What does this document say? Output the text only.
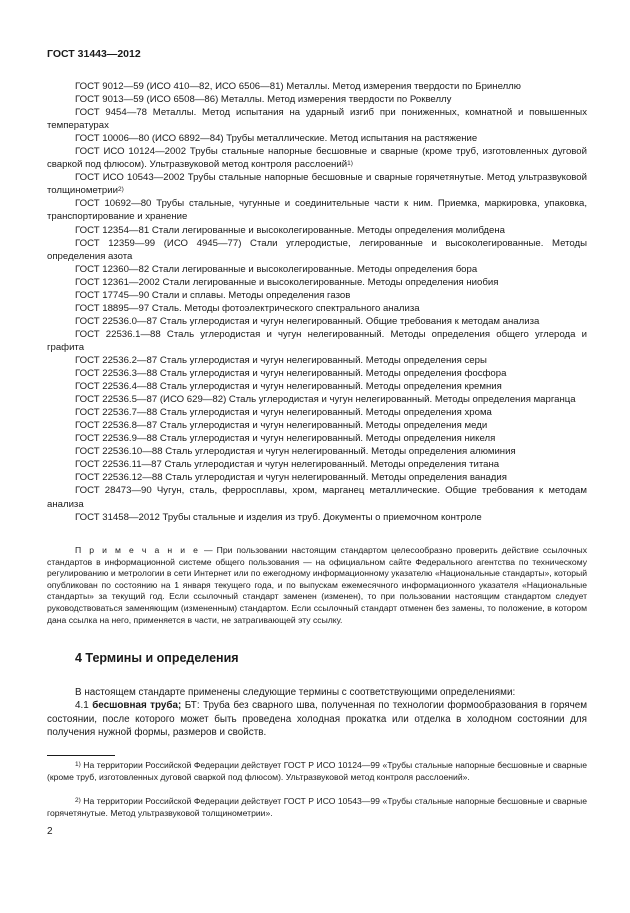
ГОСТ 31443—2012

ГОСТ 9012—59 (ИСО 410—82, ИСО 6506—81) Металлы. Метод измерения твердости по Бринеллю

ГОСТ 9013—59 (ИСО 6508—86) Металлы. Метод измерения твердости по Роквеллу

ГОСТ 9454—78 Металлы. Метод испытания на ударный изгиб при пониженных, комнатной и повышенных температурах

ГОСТ 10006—80 (ИСО 6892—84) Трубы металлические. Метод испытания на растяжение

ГОСТ ИСО 10124—2002 Трубы стальные напорные бесшовные и сварные (кроме труб, изготовленных дуговой сваркой под флюсом). Ультразвуковой метод контроля расслоений$^{1)}$

ГОСТ ИСО 10543—2002 Трубы стальные напорные бесшовные и сварные горячетянутые. Метод ультразвуковой толщинометрии$^{2)}$

ГОСТ 10692—80 Трубы стальные, чугунные и соединительные части к ним. Приемка, маркировка, упаковка, транспортирование и хранение

ГОСТ 12354—81 Стали легированные и высоколегированные. Методы определения молибдена

ГОСТ 12359—99 (ИСО 4945—77) Стали углеродистые, легированные и высоколегированные. Методы определения азота

ГОСТ 12360—82 Стали легированные и высоколегированные. Методы определения бора

ГОСТ 12361—2002 Стали легированные и высоколегированные. Методы определения ниобия

ГОСТ 17745—90 Стали и сплавы. Методы определения газов

ГОСТ 18895—97 Сталь. Методы фотоэлектрического спектрального анализа

ГОСТ 22536.0—87 Сталь углеродистая и чугун нелегированный. Общие требования к методам анализа

ГОСТ 22536.1—88 Сталь углеродистая и чугун нелегированный. Методы определения общего углерода и графита

ГОСТ 22536.2—87 Сталь углеродистая и чугун нелегированный. Методы определения серы

ГОСТ 22536.3—88 Сталь углеродистая и чугун нелегированный. Методы определения фосфора

ГОСТ 22536.4—88 Сталь углеродистая и чугун нелегированный. Методы определения кремния

ГОСТ 22536.5—87 (ИСО 629—82) Сталь углеродистая и чугун нелегированный. Методы определения марганца

ГОСТ 22536.7—88 Сталь углеродистая и чугун нелегированный. Методы определения хрома

ГОСТ 22536.8—87 Сталь углеродистая и чугун нелегированный. Методы определения меди

ГОСТ 22536.9—88 Сталь углеродистая и чугун нелегированный. Методы определения никеля

ГОСТ 22536.10—88 Сталь углеродистая и чугун нелегированный. Методы определения алюминия

ГОСТ 22536.11—87 Сталь углеродистая и чугун нелегированный. Методы определения титана

ГОСТ 22536.12—88 Сталь углеродистая и чугун нелегированный. Методы определения ванадия

ГОСТ 28473—90 Чугун, сталь, ферросплавы, хром, марганец металлические. Общие требования к методам анализа

ГОСТ 31458—2012 Трубы стальные и изделия из труб. Документы о приемочном контроле

П р и м е ч а н и е — При пользовании настоящим стандартом целесообразно проверить действие ссылочных стандартов в информационной системе общего пользования — на официальном сайте Федерального агентства по техническому регулированию и метрологии в сети Интернет или по ежегодному информационному указателю «Национальные стандарты», который опубликован по состоянию на 1 января текущего года, и по выпускам ежемесячного информационного указателя «Национальные стандарты» за текущий год. Если ссылочный стандарт заменен (изменен), то при пользовании настоящим стандартом следует руководствоваться заменяющим (измененным) стандартом. Если ссылочный стандарт отменен без замены, то положение, в котором дана ссылка на него, применяется в части, не затрагивающей эту ссылку.

4 Термины и определения

В настоящем стандарте применены следующие термины с соответствующими определениями:

4.1 бесшовная труба; БТ: Труба без сварного шва, полученная по технологии формообразования в горячем состоянии, после которого может быть проведена холодная прокатка или отделка в холодном состоянии для получения нужной формы, размеров и свойств.

$^{1)}$ На территории Российской Федерации действует ГОСТ Р ИСО 10124—99 «Трубы стальные напорные бесшовные и сварные (кроме труб, изготовленных дуговой сваркой под флюсом). Ультразвуковой метод контроля расслоений».

$^{2)}$ На территории Российской Федерации действует ГОСТ Р ИСО 10543—99 «Трубы стальные напорные бесшовные и сварные горячетянутые. Метод ультразвуковой толщинометрии».

2
